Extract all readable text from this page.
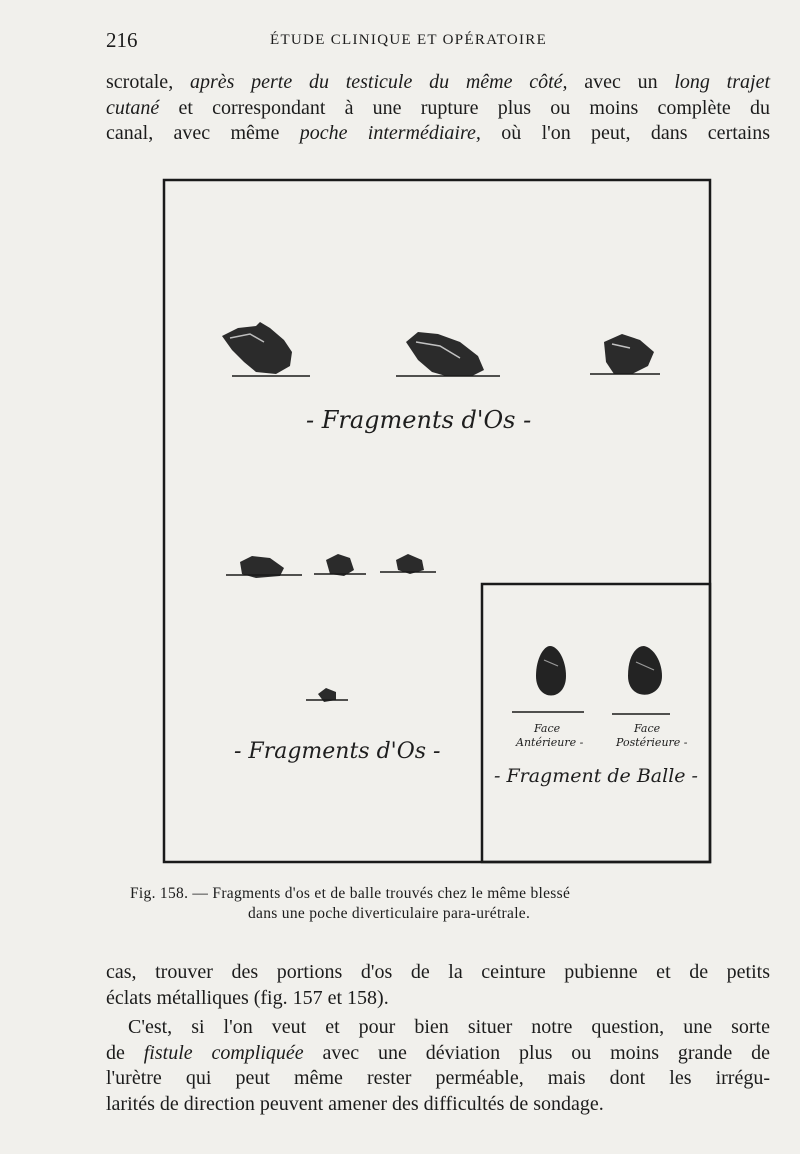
216	ÉTUDE CLINIQUE ET OPÉRATOIRE

scrotale, après perte du testicule du même côté, avec un long trajet
cutané et correspondant à une rupture plus ou moins complète du
canal, avec même poche intermédiaire, où l'on peut, dans certains

- Fragments d'Os -
- Fragments d'Os -
Face
Antérieure -
Face
Postérieure -
- Fragment de Balle -
Fig. 158. — Fragments d'os et de balle trouvés chez le même blessé
dans une poche diverticulaire para-urétrale.

cas, trouver des portions d'os de la ceinture pubienne et de petits
éclats métalliques (fig. 157 et 158).

C'est, si l'on veut et pour bien situer notre question, une sorte
de fistule compliquée avec une déviation plus ou moins grande de
l'urètre qui peut même rester perméable, mais dont les irrégu-
larités de direction peuvent amener des difficultés de sondage.
